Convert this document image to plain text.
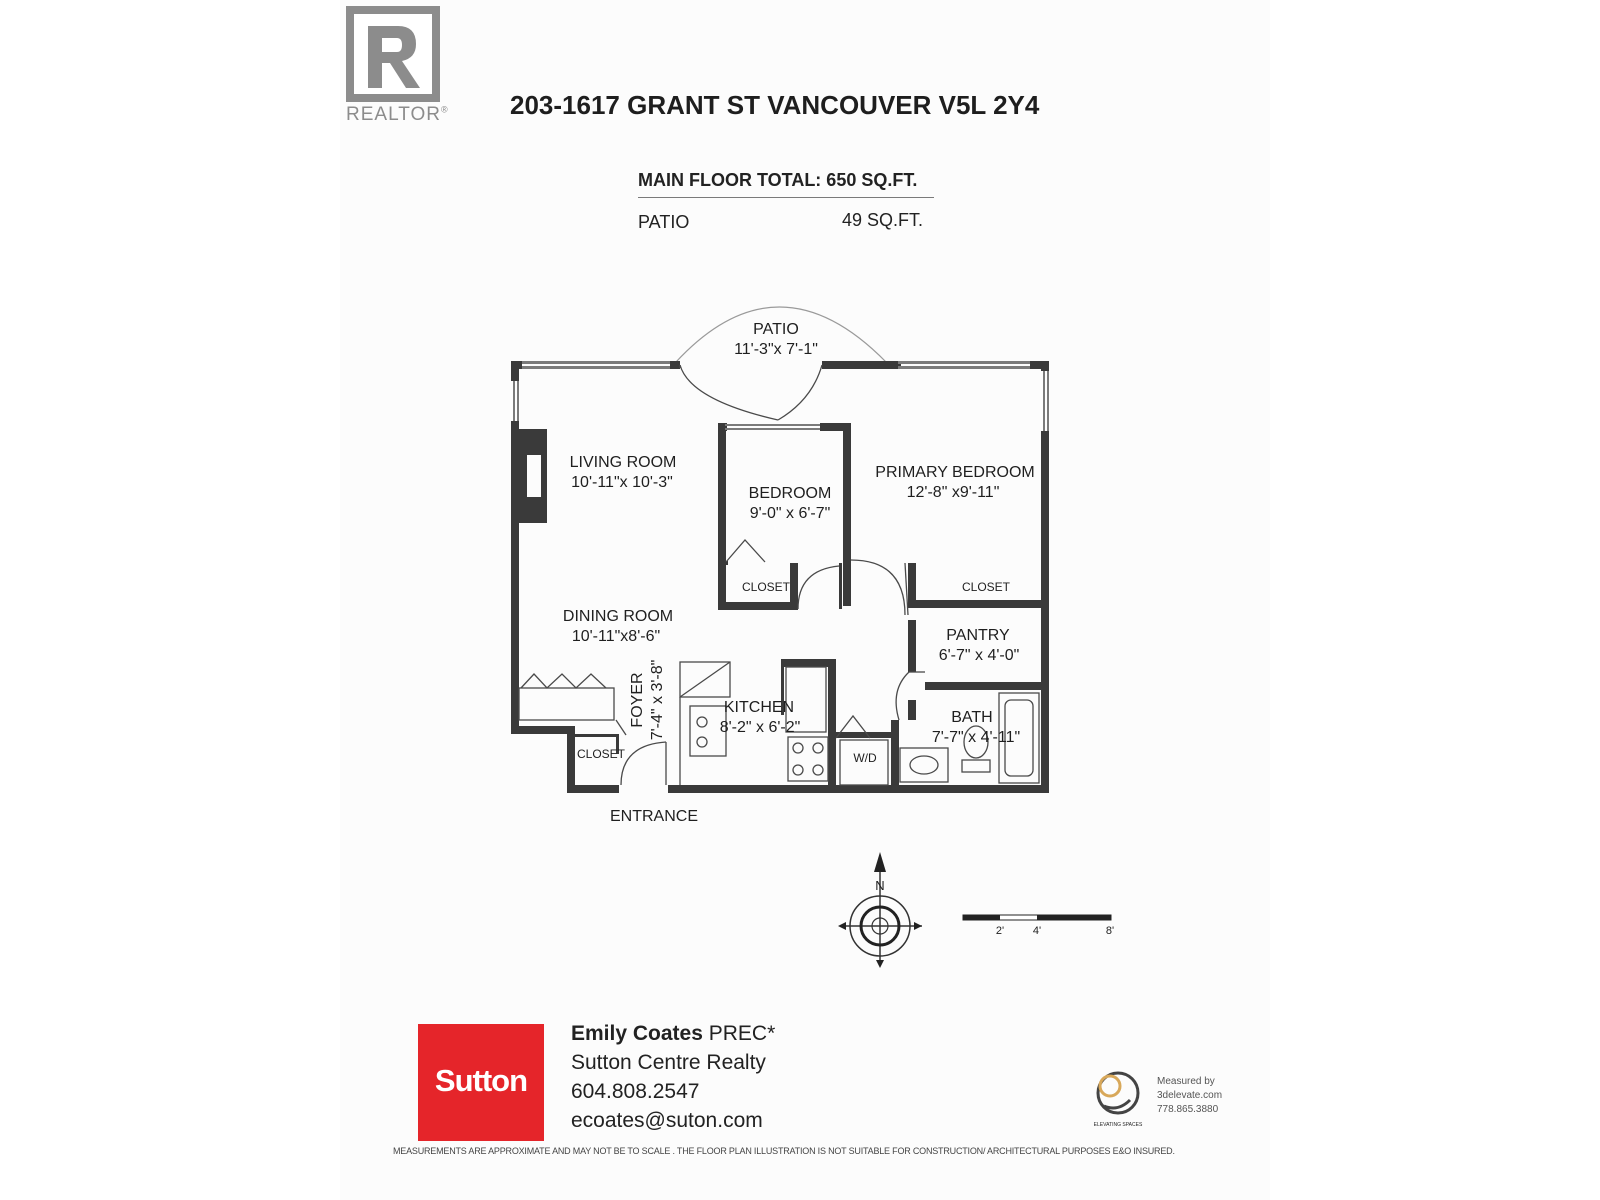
REALTOR® 203-1617 GRANT ST VANCOUVER V5L 2Y4
MAIN FLOOR TOTAL: 650 SQ.FT.
PATIO	49 SQ.FT.
PATIO
11'-3"x 7'-1"
LIVING ROOM
10'-11"x 10'-3"
BEDROOM
9'-0" x 6'-7"
PRIMARY BEDROOM
12'-8" x9'-11"
DINING ROOM
10'-11"x8'-6"	PANTRY
6'-7" x 4'-0"
KITCHEN
8'-2" x 6'-2"
BATH
7'-7" x 4'-11"
ENTRANCE
CLOSET	CLOSET
CLOSET	W/D
FOYER 7'-4" x 3'-8"
N
2'	4'	8'
ELEVATING SPACES
Sutton
Emily Coates PREC*
Sutton Centre Realty
604.808.2547
ecoates@suton.com
Measured by
3delevate.com
778.865.3880
MEASUREMENTS ARE APPROXIMATE AND MAY NOT BE TO SCALE . THE FLOOR PLAN ILLUSTRATION IS NOT SUITABLE FOR CONSTRUCTION/ ARCHITECTURAL PURPOSES E&O INSURED.
